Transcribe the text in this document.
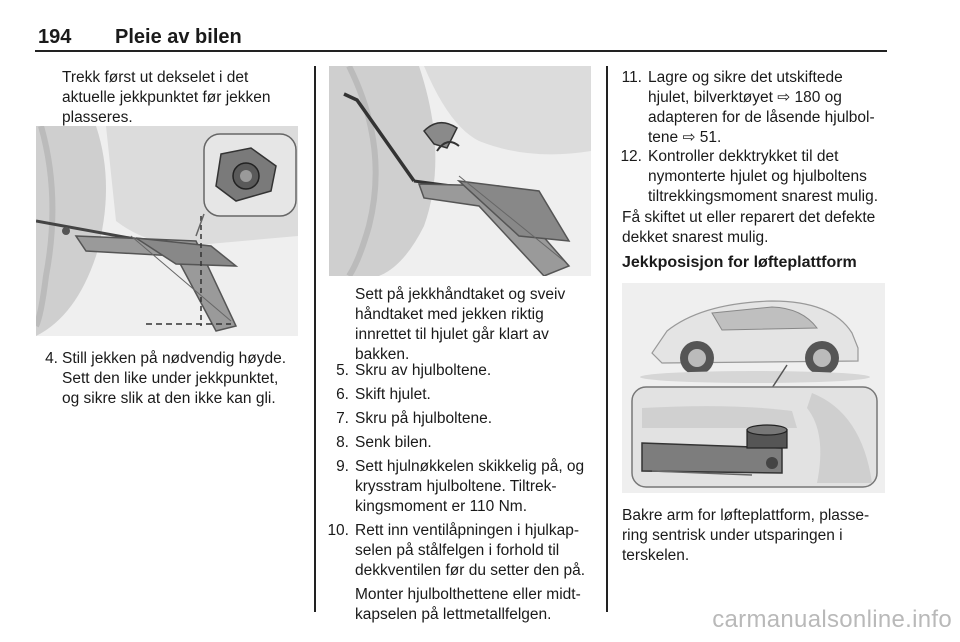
194 Pleie av bilen
Trekk først ut dekselet i det
aktuelle jekkpunktet før jekken
plasseres.
4. Still jekken på nødvendig høyde.
Sett den like under jekkpunktet,
og sikre slik at den ikke kan gli.
Sett på jekkhåndtaket og sveiv
håndtaket med jekken riktig
innrettet til hjulet går klart av
bakken.
5. Skru av hjulboltene.
6. Skift hjulet.
7. Skru på hjulboltene.
8. Senk bilen.
9. Sett hjulnøkkelen skikkelig på, og
krysstram hjulboltene. Tiltrek-
kingsmoment er 110 Nm.
10. Rett inn ventilåpningen i hjulkap-
selen på stålfelgen i forhold til
dekkventilen før du setter den på.
Monter hjulbolthettene eller midt-
kapselen på lettmetallfelgen.
11. Lagre og sikre det utskiftede
hjulet, bilverktøyet ⇨ 180 og
adapteren for de låsende hjulbol-
tene ⇨ 51.
12. Kontroller dekktrykket til det
nymonterte hjulet og hjulboltens
tiltrekkingsmoment snarest mulig.
Få skiftet ut eller reparert det defekte
dekket snarest mulig.
Jekkposisjon for løfteplattform
Bakre arm for løfteplattform, plasse-
ring sentrisk under utsparingen i
terskelen.
carmanualsonline.info
